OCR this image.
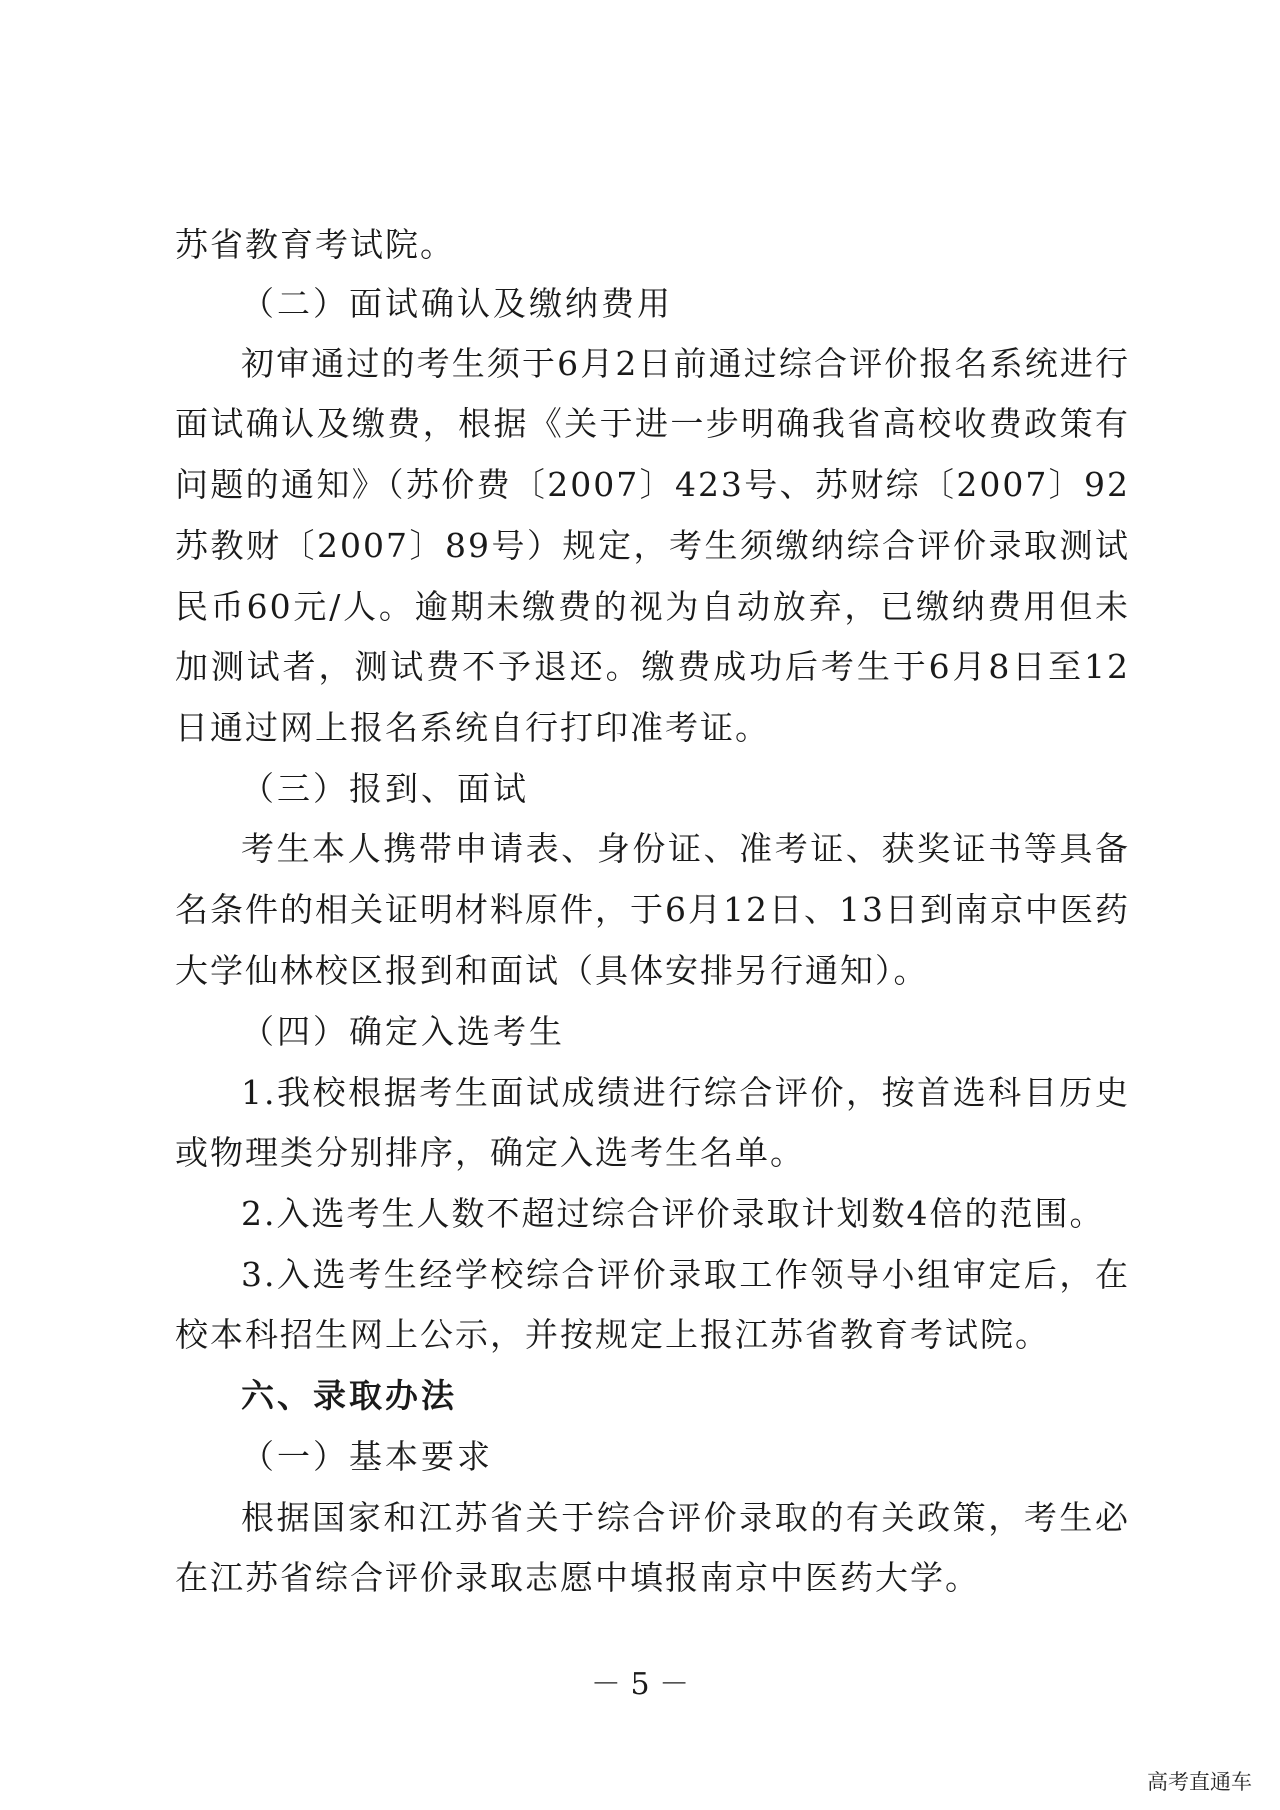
苏省教育考试院。
（二）面试确认及缴纳费用
初审通过的考生须于6月2日前通过综合评价报名系统进行
面试确认及缴费，根据《关于进一步明确我省高校收费政策有
问题的通知》（苏价费〔2007〕423号、苏财综〔2007〕92
苏教财〔2007〕89号）规定，考生须缴纳综合评价录取测试
民币60元/人。逾期未缴费的视为自动放弃，已缴纳费用但未
加测试者，测试费不予退还。缴费成功后考生于6月8日至12
日通过网上报名系统自行打印准考证。
（三）报到、面试
考生本人携带申请表、身份证、准考证、获奖证书等具备
名条件的相关证明材料原件，于6月12日、13日到南京中医药
大学仙林校区报到和面试（具体安排另行通知）。
（四）确定入选考生
1.我校根据考生面试成绩进行综合评价，按首选科目历史
或物理类分别排序，确定入选考生名单。
2.入选考生人数不超过综合评价录取计划数4倍的范围。
3.入选考生经学校综合评价录取工作领导小组审定后，在
校本科招生网上公示，并按规定上报江苏省教育考试院。
六、录取办法
（一）基本要求
根据国家和江苏省关于综合评价录取的有关政策，考生必
在江苏省综合评价录取志愿中填报南京中医药大学。
－ 5 －
高考直通车
